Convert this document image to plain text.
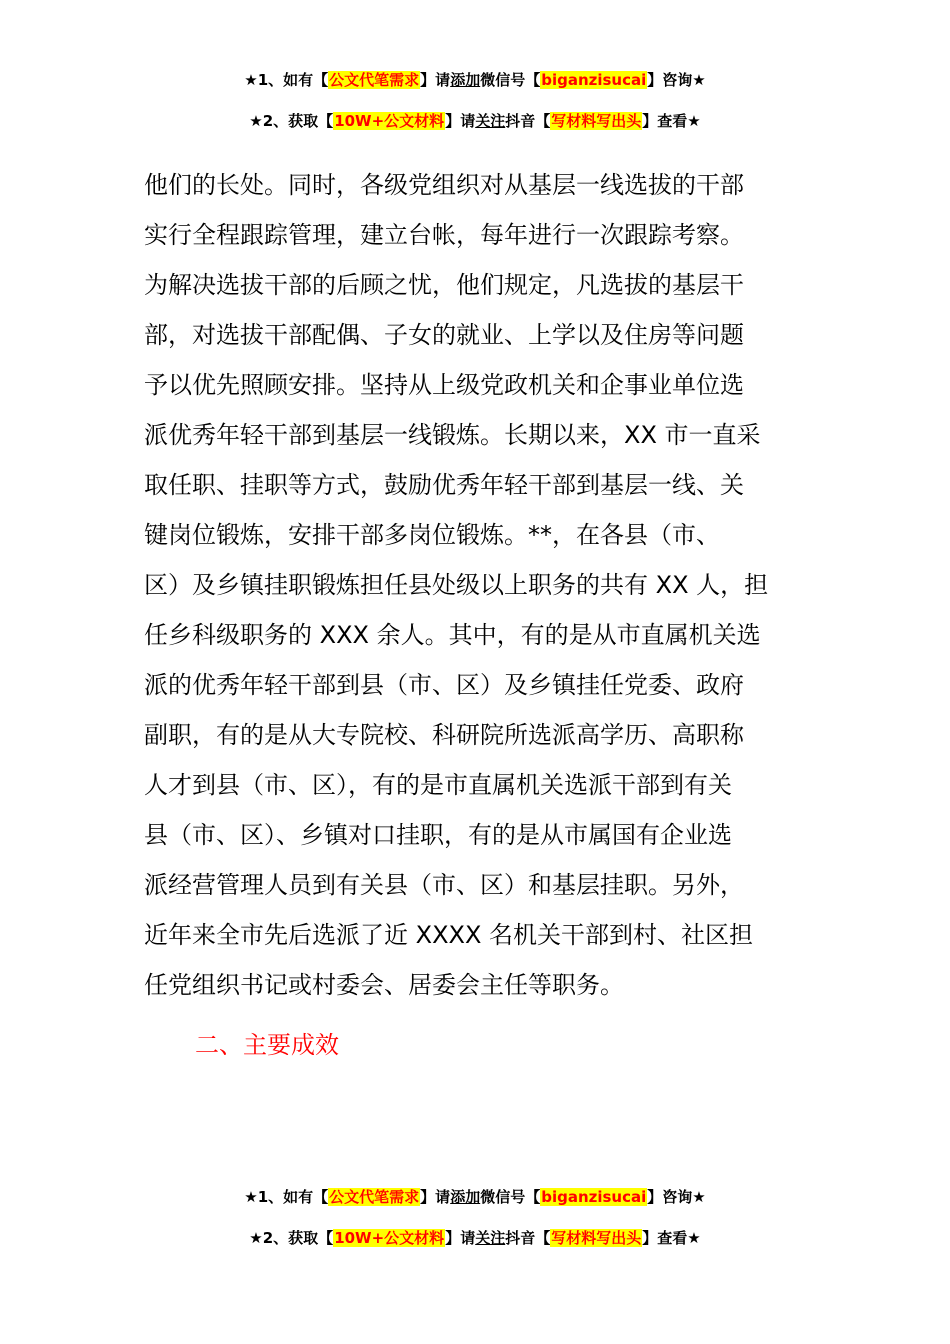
★1、如有【公文代笔需求】请添加微信号【biganzisucai】咨询★
★2、获取【10W+公文材料】请关注抖音【写材料写出头】查看★
他们的长处。同时，各级党组织对从基层一线选拔的干部
实行全程跟踪管理，建立台帐，每年进行一次跟踪考察。
为解决选拔干部的后顾之忧，他们规定，凡选拔的基层干
部，对选拔干部配偶、子女的就业、上学以及住房等问题
予以优先照顾安排。坚持从上级党政机关和企事业单位选
派优秀年轻干部到基层一线锻炼。长期以来，XX 市一直采
取任职、挂职等方式，鼓励优秀年轻干部到基层一线、关
键岗位锻炼，安排干部多岗位锻炼。**，在各县（市、
区）及乡镇挂职锻炼担任县处级以上职务的共有 XX 人，担
任乡科级职务的 XXX 余人。其中，有的是从市直属机关选
派的优秀年轻干部到县（市、区）及乡镇挂任党委、政府
副职，有的是从大专院校、科研院所选派高学历、高职称
人才到县（市、区），有的是市直属机关选派干部到有关
县（市、区）、乡镇对口挂职，有的是从市属国有企业选
派经营管理人员到有关县（市、区）和基层挂职。另外，
近年来全市先后选派了近 XXXX 名机关干部到村、社区担
任党组织书记或村委会、居委会主任等职务。
二、主要成效
★1、如有【公文代笔需求】请添加微信号【biganzisucai】咨询★
★2、获取【10W+公文材料】请关注抖音【写材料写出头】查看★
